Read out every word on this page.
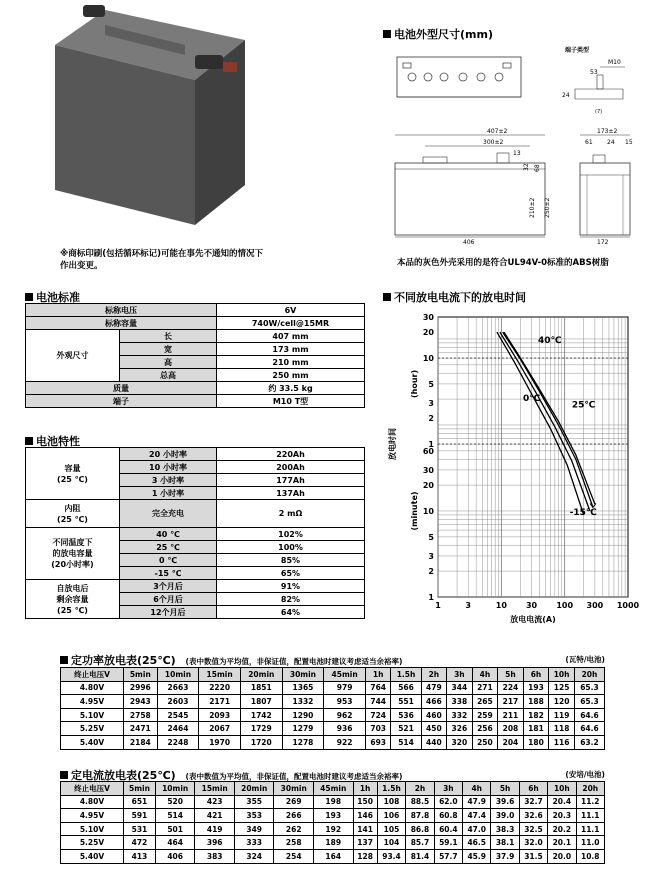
※商标印刷(包括循环标记)可能在事先不通知的情况下
作出变更。
电池外型尺寸(mm)
端子类型
M10
53
24
(7)
407±2
300±2
13
32 68
210±2 250±2
406
173±2
61 24 15
172
本品的灰色外壳采用的是符合UL94V-0标准的ABS树脂
电池标准
标称电压		6V
标称容量		740W/cell@15MR
外观尺寸	长	407 mm
	宽	173 mm
	高	210 mm
	总高	250 mm
质量		约 33.5 kg
端子		M10 T型
电池特性
容量
(25 ℃)	20 小时率	220Ah
	10 小时率	200Ah
	3 小时率	177Ah
	1 小时率	137Ah

内阻
(25 ℃)	完全充电	2 mΩ

不同温度下
的放电容量
(20小时率)	40 ℃	102%
	25 ℃	100%
	0 ℃	85%
	-15 ℃	65%

自放电后
剩余容量
(25 ℃)	3个月后	91%
	6个月后	82%
	12个月后	64%
不同放电电流下的放电时间
1	3	10 30 100 300 1000
30
20
10
5
3
2
1
60
30
20
10
5
3
2
1
(hour)
(minute)
放电时间
放电电流(A)
40℃
25℃
0℃
-15℃
定功率放电表(25℃) (表中数值为平均值，非保证值，配置电池时建议考虑适当余裕率)	(瓦特/电池)
终止电压V	5min	10min	15min	20min	30min	45min	1h	1.5h	2h	3h	4h	5h	6h	10h	20h
4.80V	2996	2663	2220	1851	1365	979	764	566	479	344	271	224	193	125	65.3
4.95V	2943	2603	2171	1807	1332	953	744	551	466	338	265	217	188	120	65.3
5.10V	2758	2545	2093	1742	1290	962	724	536	460	332	259	211	182	119	64.6
5.25V	2471	2464	2067	1729	1279	936	703	521	450	326	256	208	181	118	64.6
5.40V	2184	2248	1970	1720	1278	922	693	514	440	320	250	204	180	116	63.2
定电流放电表(25℃) (表中数值为平均值，非保证值，配置电池时建议考虑适当余裕率)	(安培/电池)
终止电压V	5min	10min	15min	20min	30min	45min	1h	1.5h	2h	3h	4h	5h	6h	10h	20h
4.80V	651	520	423	355	269	198	150	108	88.5	62.0	47.9	39.6	32.7	20.4	11.2
4.95V	591	514	421	353	266	193	146	106	87.8	60.8	47.4	39.0	32.6	20.3	11.1
5.10V	531	501	419	349	262	192	141	105	86.8	60.4	47.0	38.3	32.5	20.2	11.1
5.25V	472	464	396	333	258	189	137	104	85.7	59.1	46.5	38.1	32.0	20.1	11.0
5.40V	413	406	383	324	254	164	128	93.4	81.4	57.7	45.9	37.9	31.5	20.0	10.8
